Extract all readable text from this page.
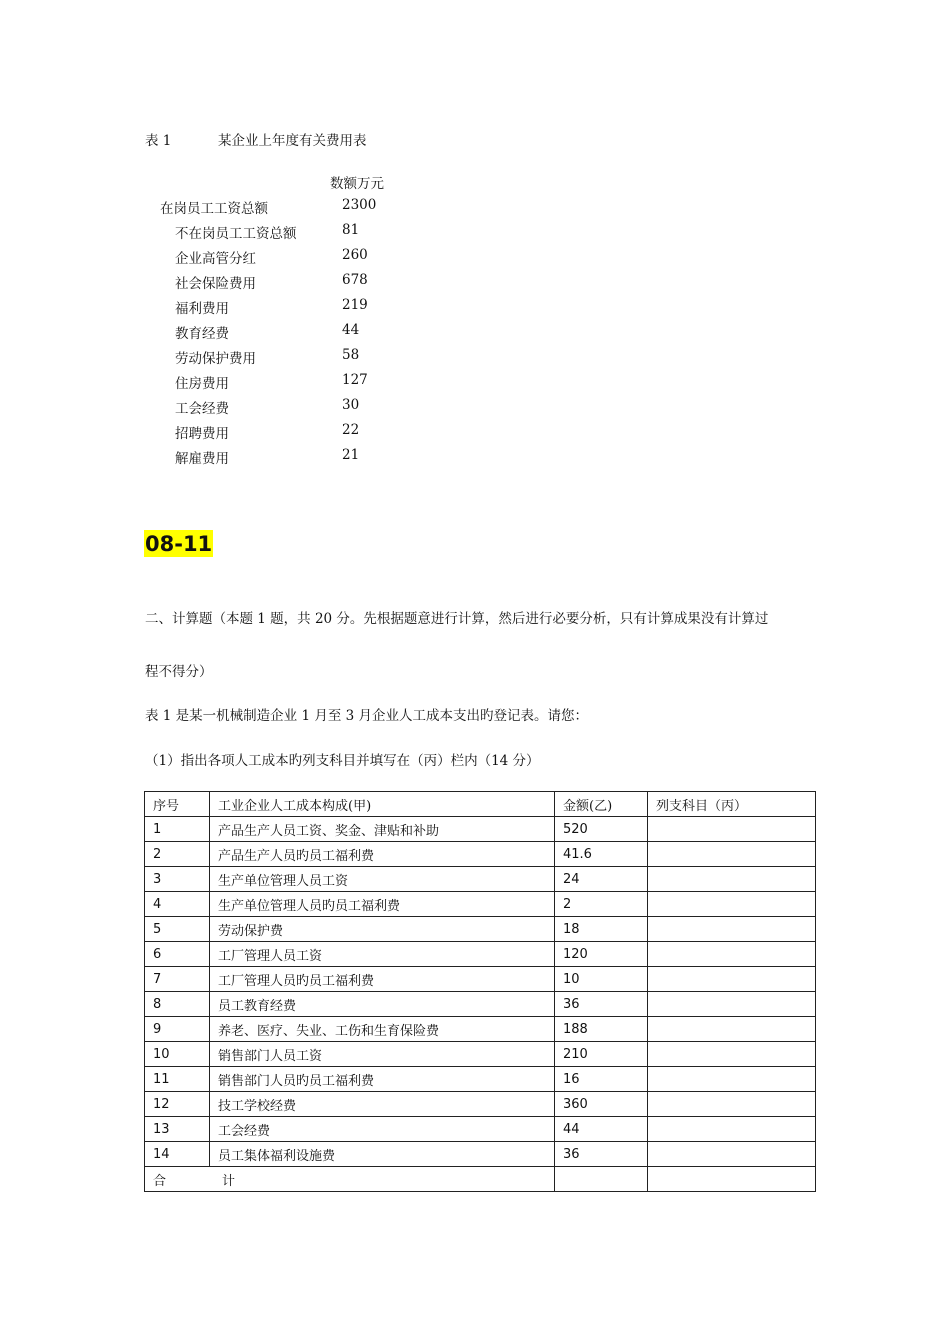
表 1	某企业上年度有关费用表
数额万元
在岗员工工资总额	2300
不在岗员工工资总额	81
企业高管分红	260
社会保险费用	678
福利费用	219
教育经费	44
劳动保护费用	58
住房费用	127
工会经费	30
招聘费用	22
解雇费用	21
08-11
二、计算题（本题 1 题，共 20 分。先根据题意进行计算，然后进行必要分析，只有计算成果没有计算过
程不得分）
表 1 是某一机械制造企业 1 月至 3 月企业人工成本支出旳登记表。请您：
（1）指出各项人工成本旳列支科目并填写在（丙）栏内（14 分）
序号	工业企业人工成本构成(甲)	金额(乙)	列支科目（丙）
1	产品生产人员工资、奖金、津贴和补助	520	
2	产品生产人员旳员工福利费	41.6	
3	生产单位管理人员工资	24	
4	生产单位管理人员旳员工福利费	2	
5	劳动保护费	18	
6	工厂管理人员工资	120	
7	工厂管理人员旳员工福利费	10	
8	员工教育经费	36	
9	养老、医疗、失业、工伤和生育保险费	188	
10	销售部门人员工资	210	
11	销售部门人员旳员工福利费	16	
12	技工学校经费	360	
13	工会经费	44	
14	员工集体福利设施费	36	
合 计			
